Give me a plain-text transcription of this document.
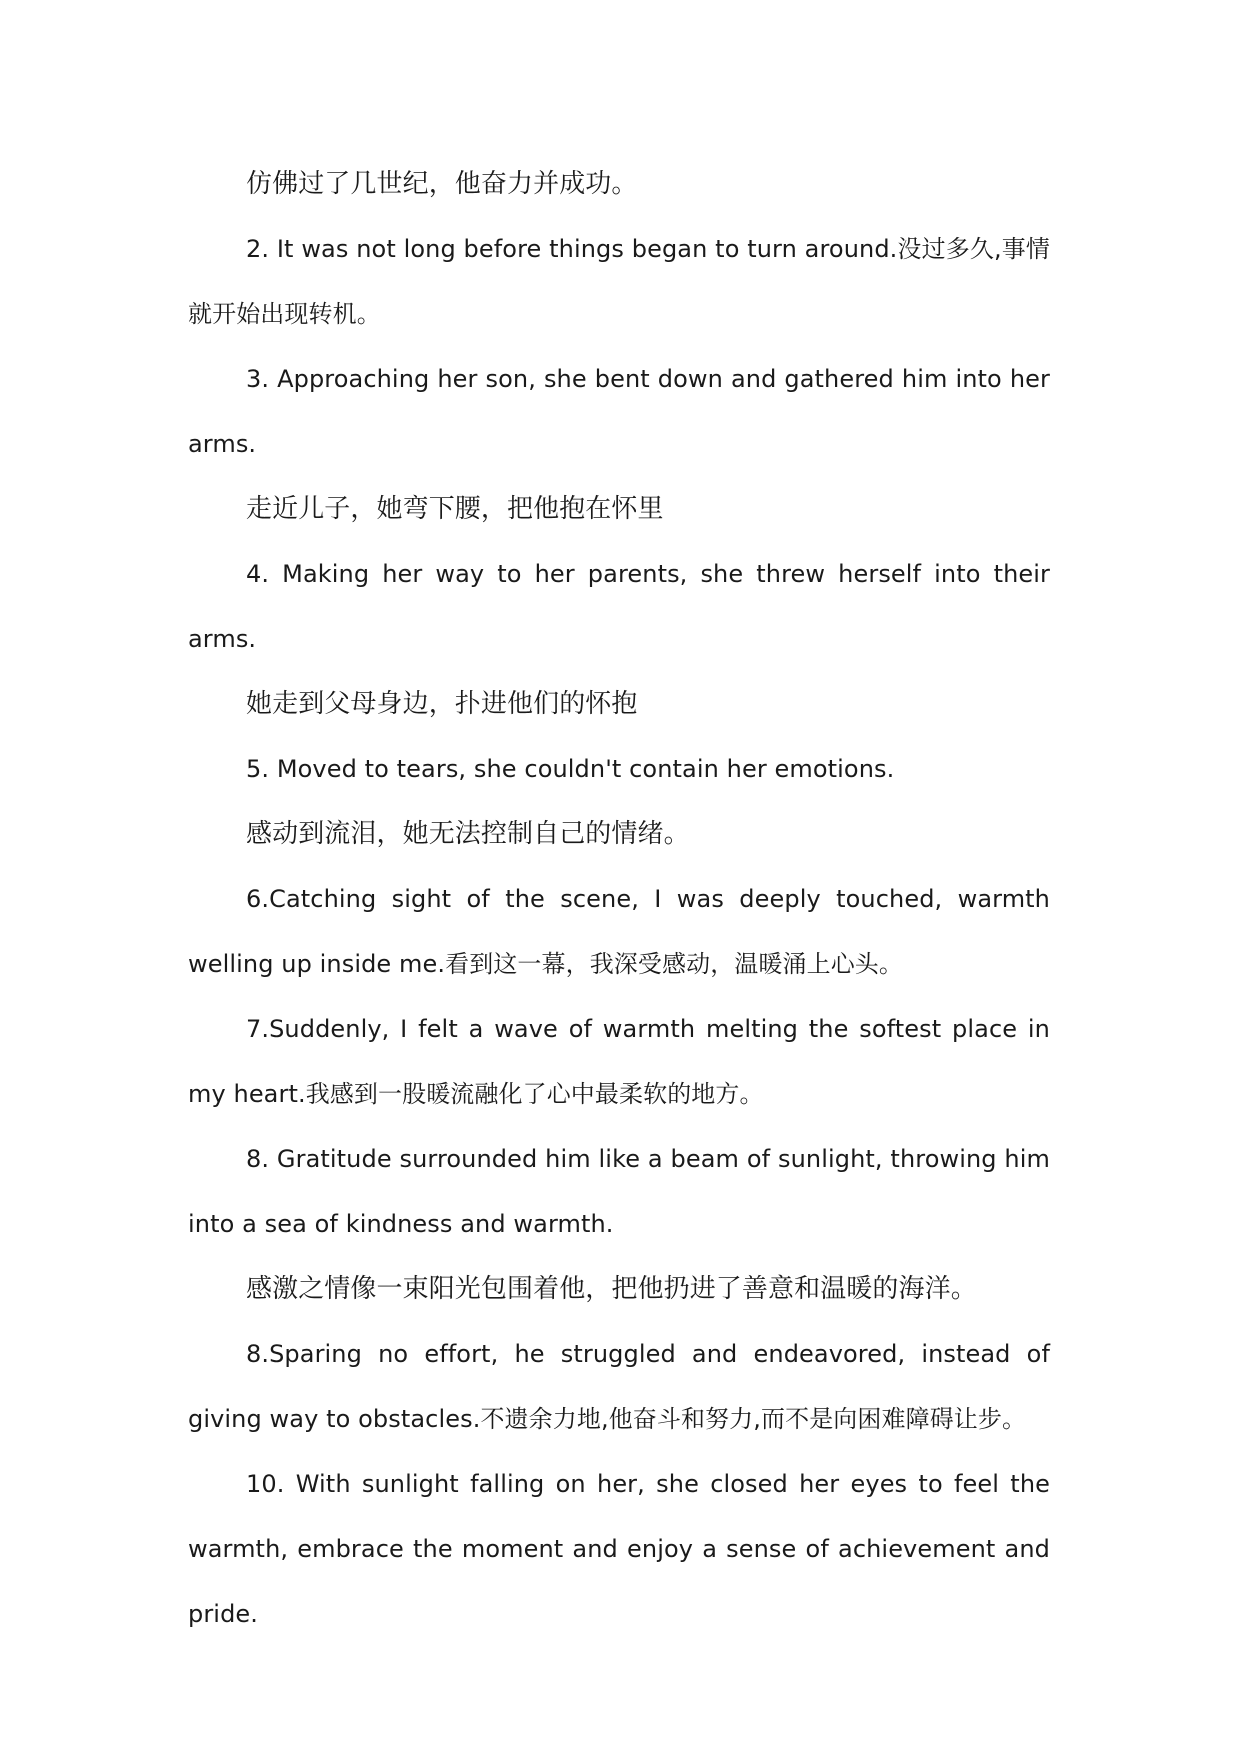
仿佛过了几世纪，他奋力并成功。

2. It was not long before things began to turn around.没过多久,事情就开始出现转机。

3. Approaching her son, she bent down and gathered him into her arms.

走近儿子，她弯下腰，把他抱在怀里

4. Making her way to her parents, she threw herself into their arms.

她走到父母身边，扑进他们的怀抱

5. Moved to tears, she couldn't contain her emotions.

感动到流泪，她无法控制自己的情绪。

6.Catching sight of the scene, I was deeply touched, warmth welling up inside me.看到这一幕，我深受感动，温暖涌上心头。

7.Suddenly, I felt a wave of warmth melting the softest place in my heart.我感到一股暖流融化了心中最柔软的地方。

8. Gratitude surrounded him like a beam of sunlight, throwing him into a sea of kindness and warmth.

感激之情像一束阳光包围着他，把他扔进了善意和温暖的海洋。

8.Sparing no effort, he struggled and endeavored, instead of giving way to obstacles.不遗余力地,他奋斗和努力,而不是向困难障碍让步。

10. With sunlight falling on her, she closed her eyes to feel the warmth, embrace the moment and enjoy a sense of achievement and pride.
